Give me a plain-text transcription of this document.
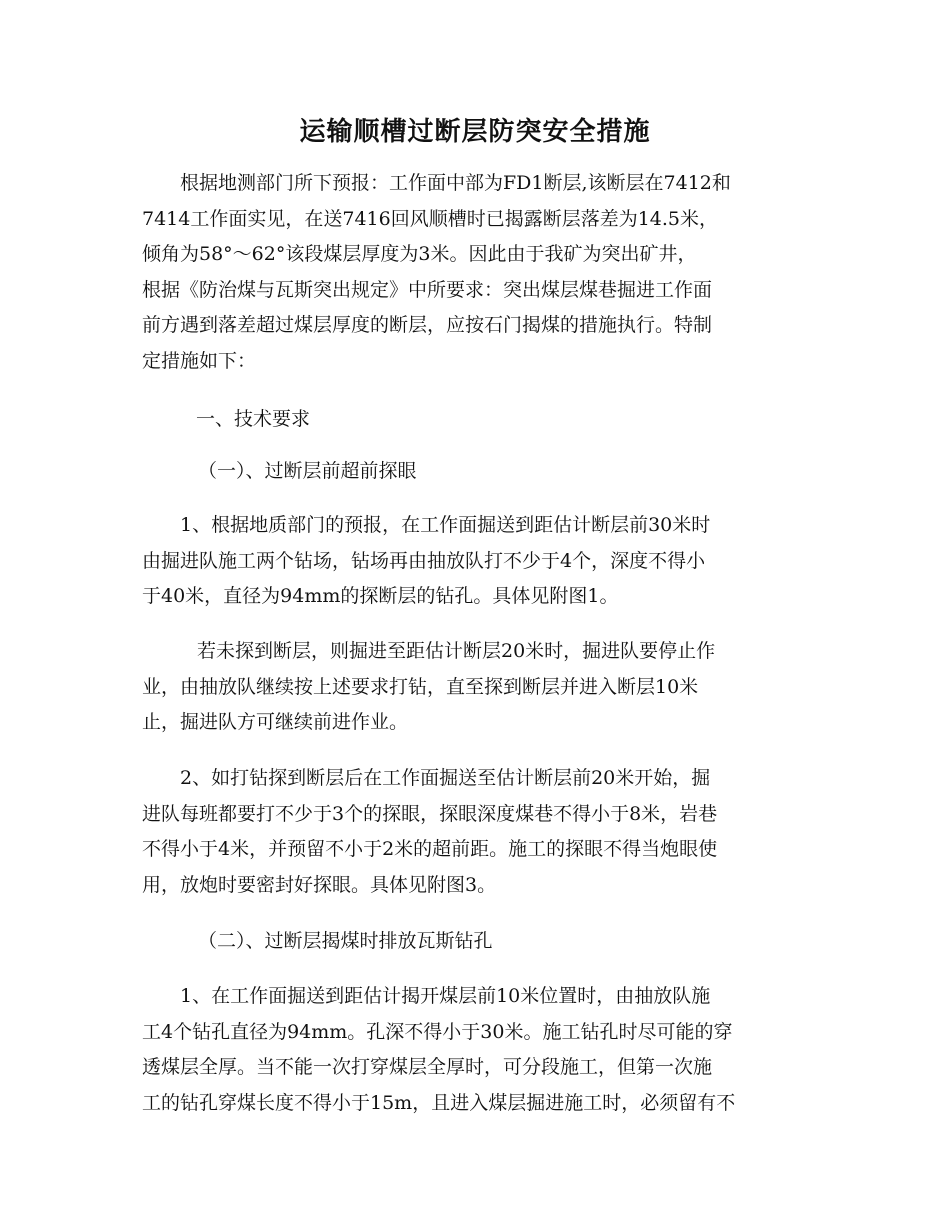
运输顺槽过断层防突安全措施
根据地测部门所下预报：工作面中部为FD1断层,该断层在7412和
7414工作面实见，在送7416回风顺槽时已揭露断层落差为14.5米，
倾角为58°～62°该段煤层厚度为3米。因此由于我矿为突出矿井，
根据《防治煤与瓦斯突出规定》中所要求：突出煤层煤巷掘进工作面
前方遇到落差超过煤层厚度的断层，应按石门揭煤的措施执行。特制
定措施如下：
一、技术要求
（一）、过断层前超前探眼
1、根据地质部门的预报，在工作面掘送到距估计断层前30米时
由掘进队施工两个钻场，钻场再由抽放队打不少于4个，深度不得小
于40米，直径为94mm的探断层的钻孔。具体见附图1。
若未探到断层，则掘进至距估计断层20米时，掘进队要停止作
业，由抽放队继续按上述要求打钻，直至探到断层并进入断层10米
止，掘进队方可继续前进作业。
2、如打钻探到断层后在工作面掘送至估计断层前20米开始，掘
进队每班都要打不少于3个的探眼，探眼深度煤巷不得小于8米，岩巷
不得小于4米，并预留不小于2米的超前距。施工的探眼不得当炮眼使
用，放炮时要密封好探眼。具体见附图3。
（二）、过断层揭煤时排放瓦斯钻孔
1、在工作面掘送到距估计揭开煤层前10米位置时，由抽放队施
工4个钻孔直径为94mm。孔深不得小于30米。施工钻孔时尽可能的穿
透煤层全厚。当不能一次打穿煤层全厚时，可分段施工，但第一次施
工的钻孔穿煤长度不得小于15m，且进入煤层掘进施工时，必须留有不
